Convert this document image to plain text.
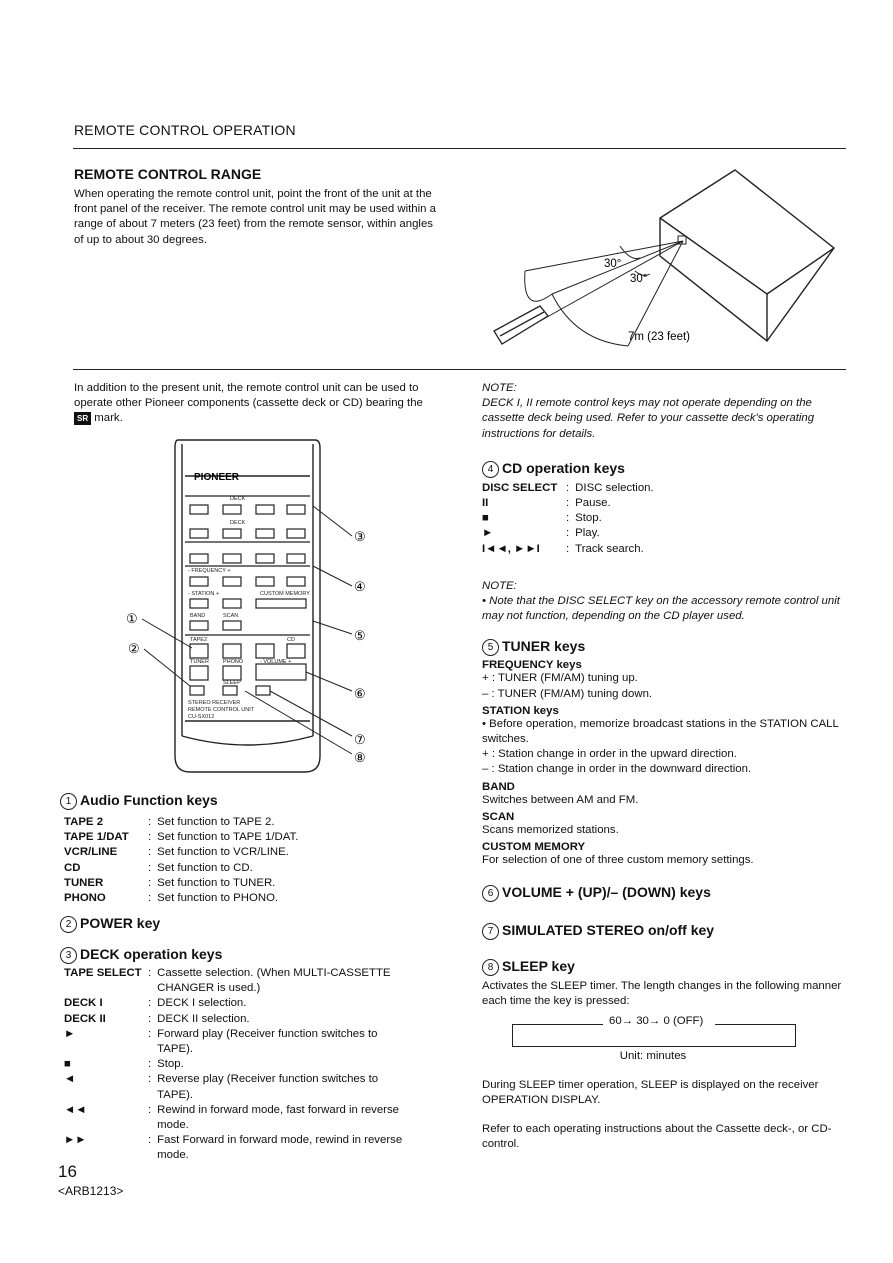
REMOTE CONTROL OPERATION
REMOTE CONTROL RANGE
When operating the remote control unit, point the front of the unit at the front panel of the receiver. The remote control unit may be used within a range of about 7 meters (23 feet) from the remote sensor, within angles of up to about 30 degrees.
30°
30°
7m (23 feet)
In addition to the present unit, the remote control unit can be used to operate other Pioneer components (cassette deck or CD) bearing the SR mark.
PIONEER
DECK
DECK
- FREQUENCY +
- STATION +	CUSTOM MEMORY
BAND	SCAN
TAPE2	CD
TUNER	PHONO	- VOLUME +
SLEEP
STEREO RECEIVER
REMOTE CONTROL UNIT
CU-SX012
①
②
③
④
⑤
⑥
⑦
⑧
1 Audio Function keys
TAPE 2	:	Set function to TAPE 2.
TAPE 1/DAT	:	Set function to TAPE 1/DAT.
VCR/LINE	:	Set function to VCR/LINE.
CD	:	Set function to CD.
TUNER	:	Set function to TUNER.
PHONO	:	Set function to PHONO.
2 POWER key
3 DECK operation keys
TAPE SELECT	:	Cassette selection. (When MULTI-CASSETTE CHANGER is used.)
DECK I	:	DECK I selection.
DECK II	:	DECK II selection.
►	:	Forward play (Receiver function switches to TAPE).
■	:	Stop.
◄	:	Reverse play (Receiver function switches to TAPE).
◄◄	:	Rewind in forward mode, fast forward in reverse mode.
►►	:	Fast Forward in forward mode, rewind in reverse mode.
16
<ARB1213>
NOTE:
DECK I, II remote control keys may not operate depending on the cassette deck being used. Refer to your cassette deck's operating instructions for details.
4 CD operation keys
DISC SELECT	:	DISC selection.
II	:	Pause.
■	:	Stop.
►	:	Play.
I◄◄, ►►I	:	Track search.
NOTE:
• Note that the DISC SELECT key on the accessory remote control unit may not function, depending on the CD player used.
5 TUNER keys
FREQUENCY keys
+ : TUNER (FM/AM) tuning up.
– : TUNER (FM/AM) tuning down.
STATION keys
• Before operation, memorize broadcast stations in the STATION CALL switches.
+ : Station change in order in the upward direction.
– : Station change in order in the downward direction.
BAND
Switches between AM and FM.
SCAN
Scans memorized stations.
CUSTOM MEMORY
For selection of one of three custom memory settings.
6 VOLUME + (UP)/– (DOWN) keys
7 SIMULATED STEREO on/off key
8 SLEEP key
Activates the SLEEP timer. The length changes in the following manner each time the key is pressed:
60→ 30→ 0 (OFF)
Unit: minutes
During SLEEP timer operation, SLEEP is displayed on the receiver OPERATION DISPLAY.
Refer to each operating instructions about the Cassette deck-, or CD-control.
